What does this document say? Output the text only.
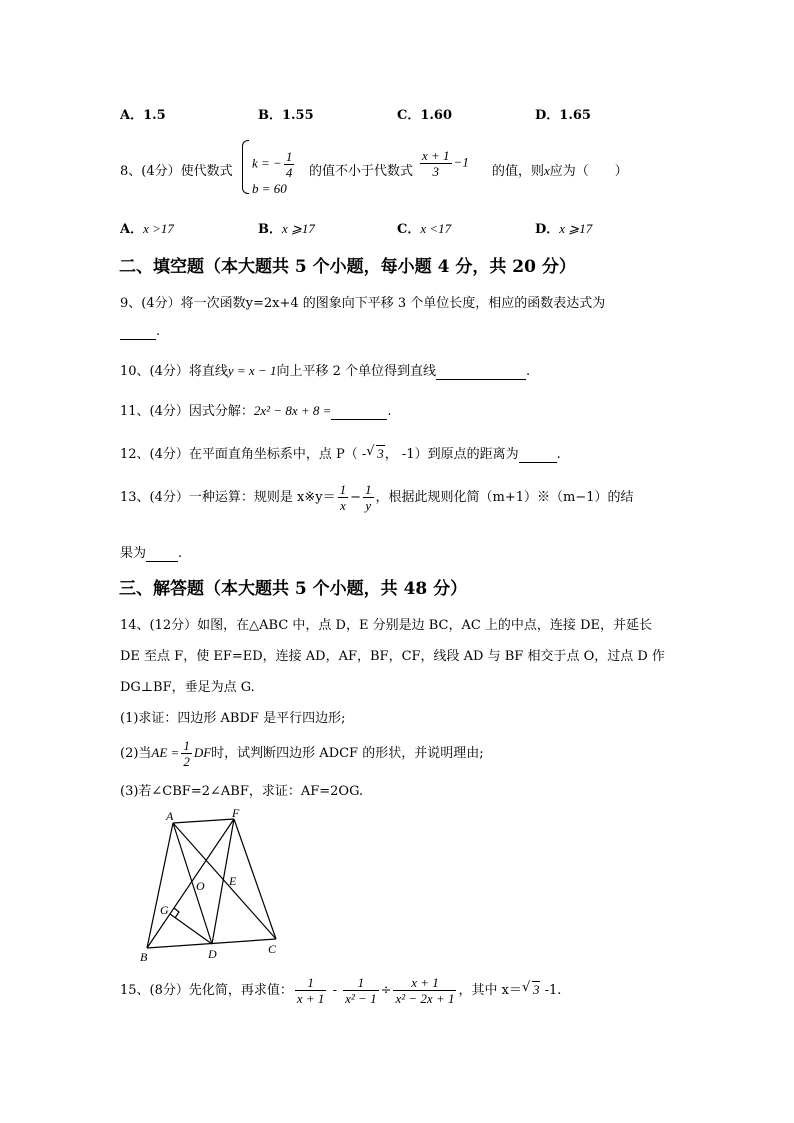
A．1.5	B．1.55	C．1.60	D．1.65
8、(4分）使代数式
k = − $\frac{1}{4}$
b = 60
的值不小于代数式 $\frac{x + 1}{3} -1$
的值，则x应为（　　）
A．x >17	B．x ⩾17	C．x <17	D．x ⩾17
二、填空题（本大题共 5 个小题，每小题 4 分，共 20 分）
9、(4分）将一次函数y=2x+4 的图象向下平移 3 个单位长度，相应的函数表达式为
.
10、(4分）将直线y = x − 1向上平移 2 个单位得到直线	.
11、(4分）因式分解：2x² − 8x + 8 =	.
12、(4分）在平面直角坐标系中，点 P（ - √ 3， -1）到原点的距离为	.
13、(4分）一种运算：规则是 x※y＝ $\frac{1}{x} - \frac{1}{y}$ ，根据此规则化简（m+1）※（m−1）的结
果为 .
三、解答题（本大题共 5 个小题，共 48 分）
14、(12分）如图，在△ABC 中，点 D，E 分别是边 BC，AC 上的中点，连接 DE，并延长
DE 至点 F，使 EF=ED，连接 AD，AF，BF，CF，线段 AD 与 BF 相交于点 O，过点 D 作
DG⊥BF，垂足为点 G.
(1)求证：四边形 ABDF 是平行四边形;
(2)当AE = $\frac{1}{2}$ DF时，试判断四边形 ADCF 的形状，并说明理由;
(3)若∠CBF=2∠ABF，求证：AF=2OG.
A	F
O E
G
B	D	C
15、(8分）先化简，再求值： $\frac{1}{x + 1} - \frac{1}{\text{x² − 1}} \div \frac{x + 1}{\text{x² − 2x + 1}}$ ，其中 x＝ √ 3 -1.
